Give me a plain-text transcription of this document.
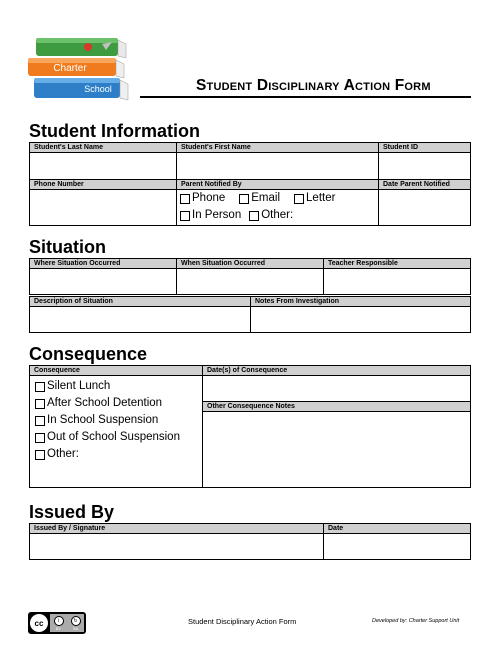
Charter
School	Student Disciplinary Action Form
Student Information
Student's Last Name	Student's First Name	Student ID

Phone Number	Parent Notified By	Date Parent Notified

	Phone Email Letter
In Person Other:	

Situation
Where Situation Occurred	When Situation Occurred	Teacher Responsible

Description of Situation	Notes From Investigation

Consequence
Consequence	Date(s) of Consequence

Silent Lunch
After School Detention
In School Suspension
Out of School Suspension
Other:	

	Other Consequence Notes

Issued By
Issued By / Signature	Date

cc	i
BY
↻
SA
Student Disciplinary Action Form	Developed by: Charter Support Unit
